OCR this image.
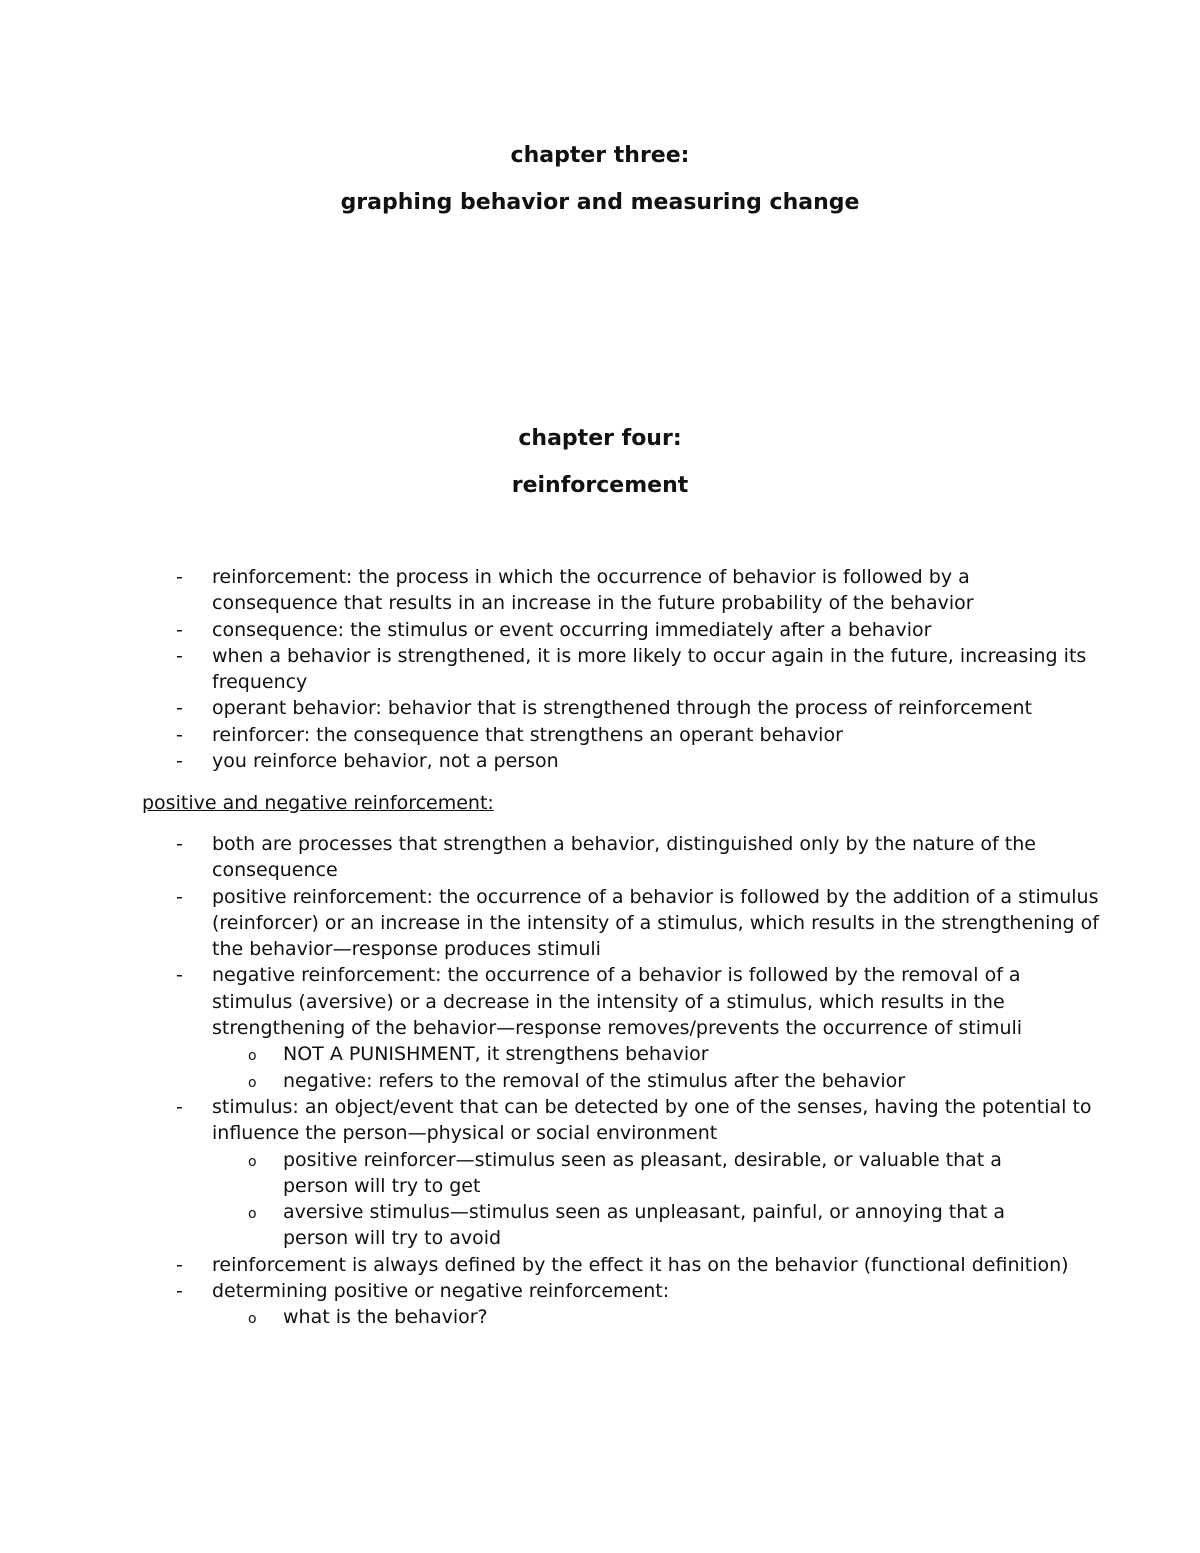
chapter three:
graphing behavior and measuring change
chapter four:
reinforcement
- reinforcement: the process in which the occurrence of behavior is followed by a consequence that results in an increase in the future probability of the behavior
- consequence: the stimulus or event occurring immediately after a behavior
- when a behavior is strengthened, it is more likely to occur again in the future, increasing its frequency
- operant behavior: behavior that is strengthened through the process of reinforcement
- reinforcer: the consequence that strengthens an operant behavior
- you reinforce behavior, not a person

positive and negative reinforcement:

- both are processes that strengthen a behavior, distinguished only by the nature of the consequence
- positive reinforcement: the occurrence of a behavior is followed by the addition of a stimulus (reinforcer) or an increase in the intensity of a stimulus, which results in the strengthening of the behavior—response produces stimuli
- negative reinforcement: the occurrence of a behavior is followed by the removal of a stimulus (aversive) or a decrease in the intensity of a stimulus, which results in the strengthening of the behavior—response removes/prevents the occurrence of stimuli
o NOT A PUNISHMENT, it strengthens behavior
o negative: refers to the removal of the stimulus after the behavior
- stimulus: an object/event that can be detected by one of the senses, having the potential to influence the person—physical or social environment
o positive reinforcer—stimulus seen as pleasant, desirable, or valuable that a person will try to get
o aversive stimulus—stimulus seen as unpleasant, painful, or annoying that a person will try to avoid
- reinforcement is always defined by the effect it has on the behavior (functional definition)
- determining positive or negative reinforcement:
o what is the behavior?
